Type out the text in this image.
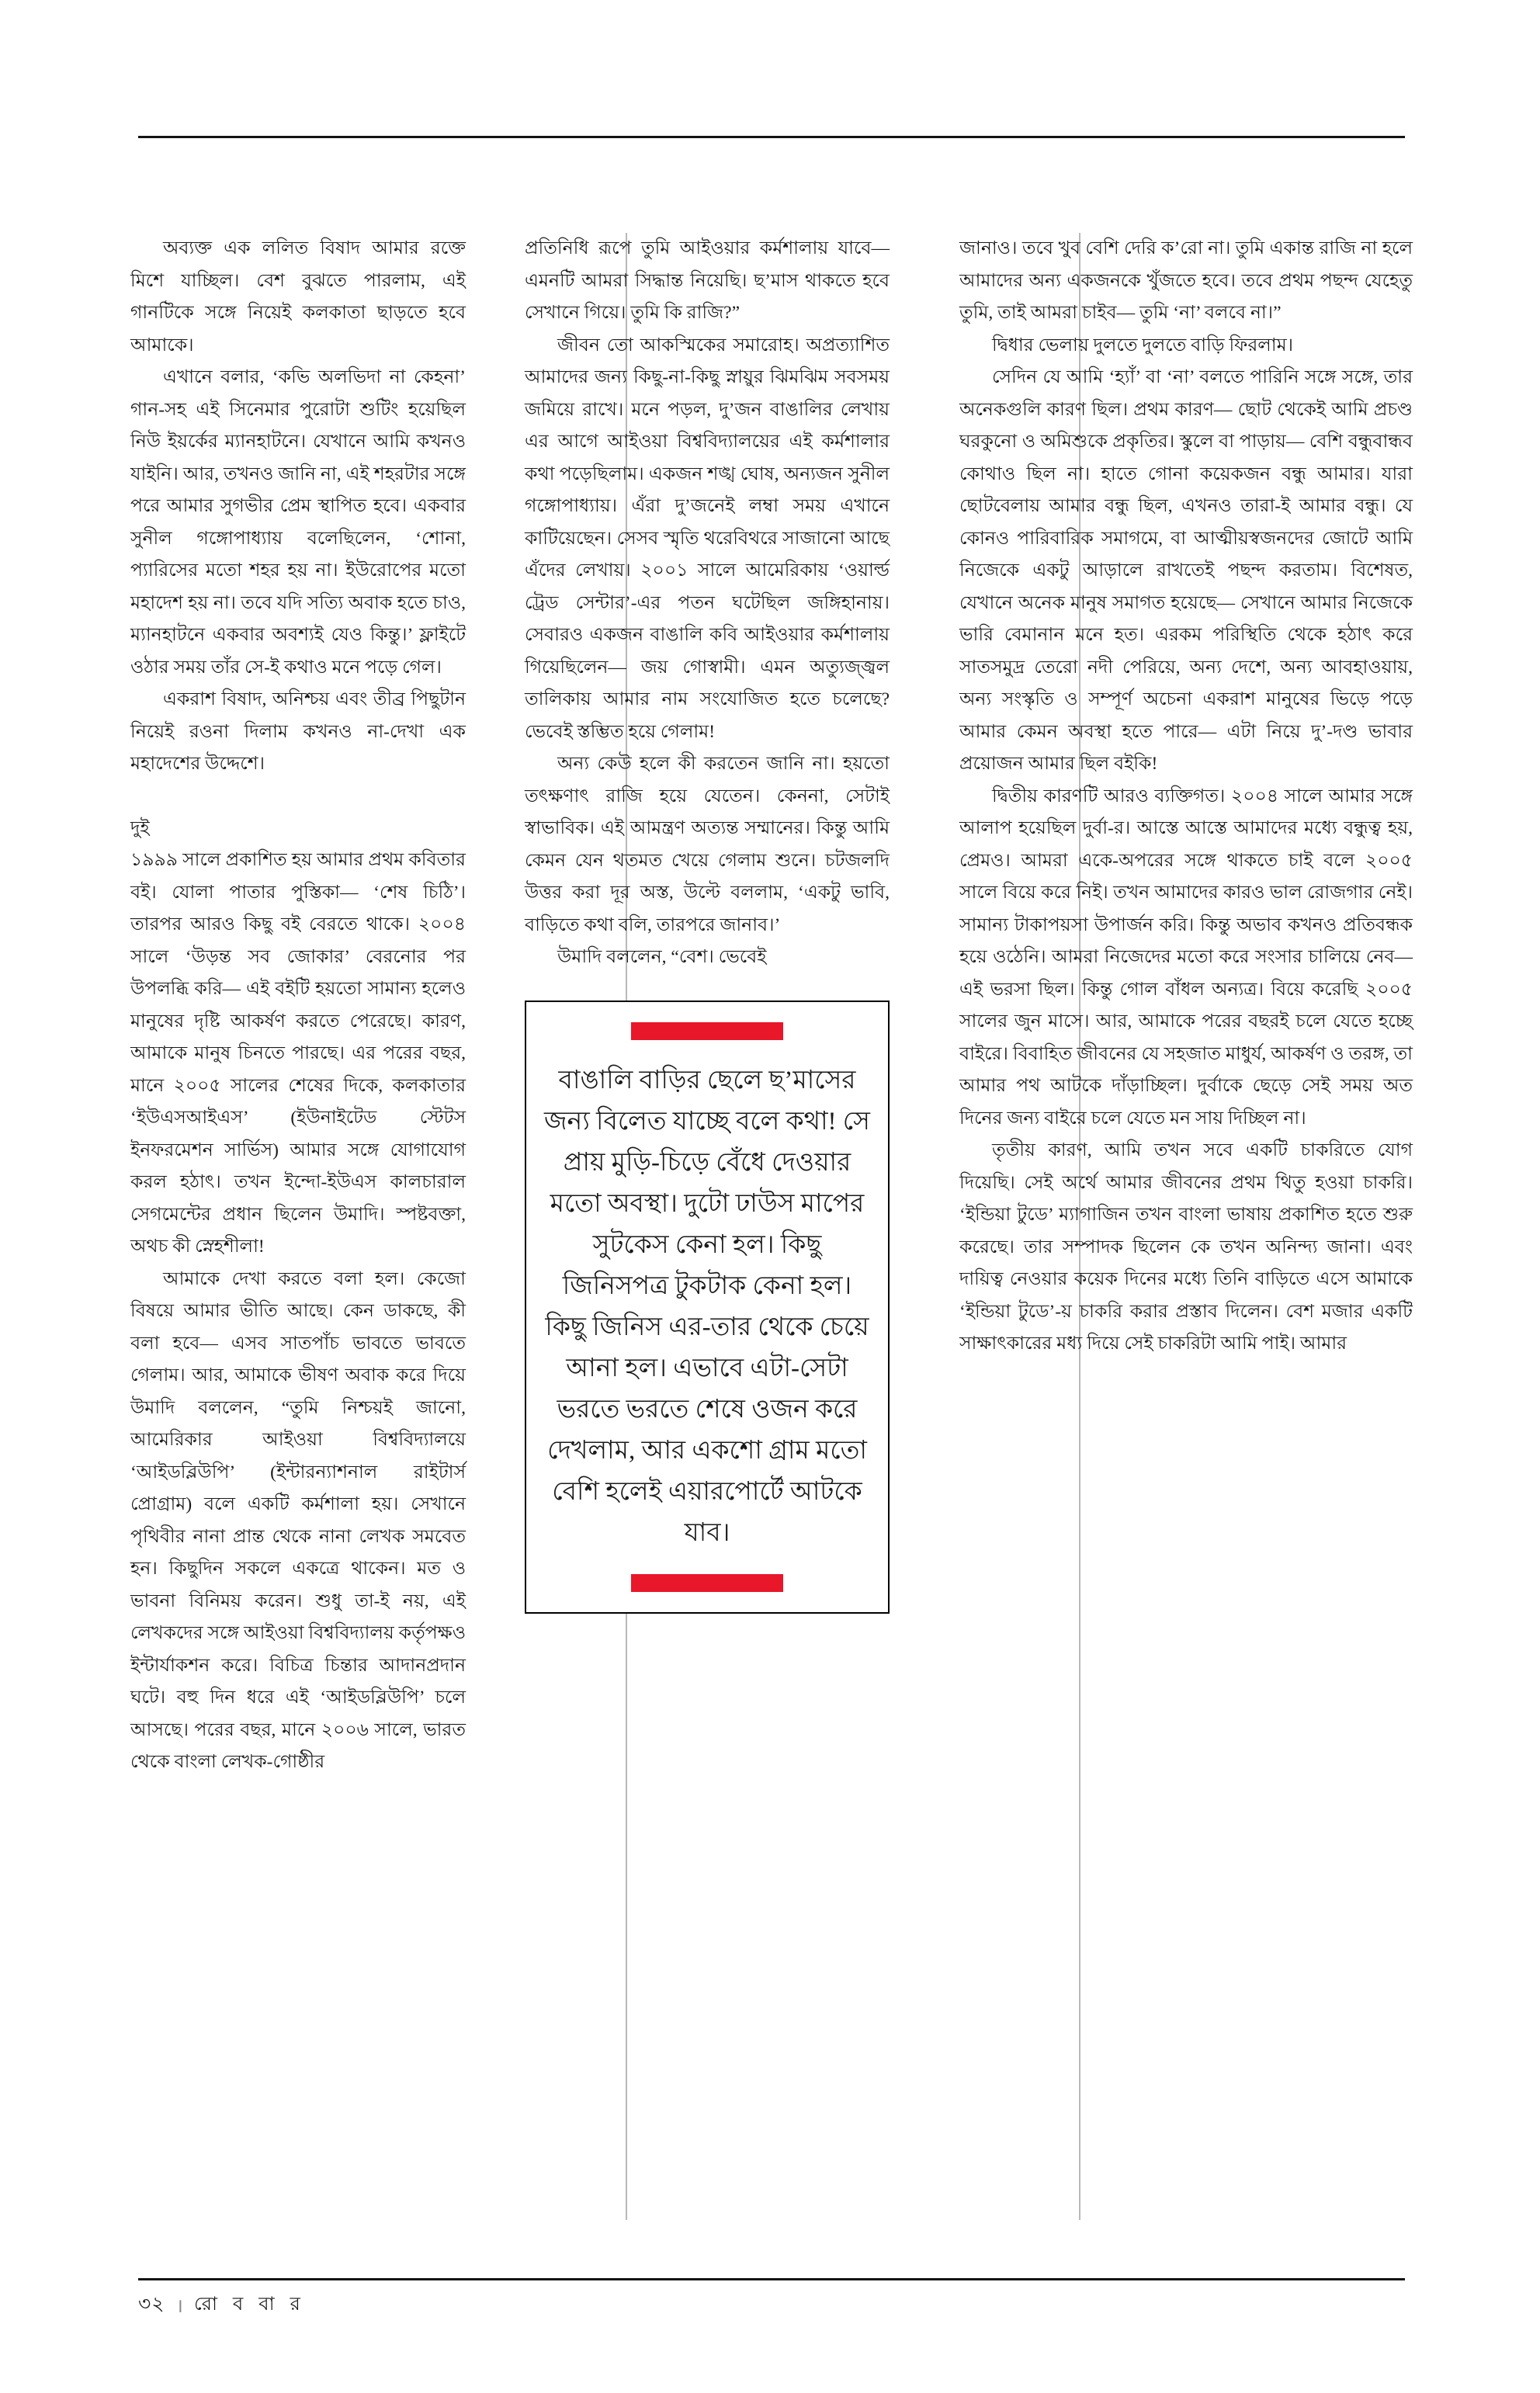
অব্যক্ত এক ললিত বিষাদ আমার রক্তে মিশে যাচ্ছিল। বেশ বুঝতে পারলাম, এই গানটিকে সঙ্গে নিয়েই কলকাতা ছাড়তে হবে আমাকে।

এখানে বলার, ‘কভি অলভিদা না কেহনা’ গান-সহ এই সিনেমার পুরোটা শুটিং হয়েছিল নিউ ইয়র্কের ম্যানহাটনে। যেখানে আমি কখনও যাইনি। আর, তখনও জানি না, এই শহরটার সঙ্গে পরে আমার সুগভীর প্রেম স্থাপিত হবে। একবার সুনীল গঙ্গোপাধ্যায় বলেছিলেন, ‘শোনা, প্যারিসের মতো শহর হয় না। ইউরোপের মতো মহাদেশ হয় না। তবে যদি সত্যি অবাক হতে চাও, ম্যানহাটনে একবার অবশ্যই যেও কিন্তু।’ ফ্লাইটে ওঠার সময় তাঁর সে-ই কথাও মনে পড়ে গেল।

একরাশ বিষাদ, অনিশ্চয় এবং তীব্র পিছুটান নিয়েই রওনা দিলাম কখনও না-দেখা এক মহাদেশের উদ্দেশে।

দুই

১৯৯৯ সালে প্রকাশিত হয় আমার প্রথম কবিতার বই। যোলা পাতার পুস্তিকা— ‘শেষ চিঠি’। তারপর আরও কিছু বই বেরতে থাকে। ২০০৪ সালে ‘উড়ন্ত সব জোকার’ বেরনোর পর উপলব্ধি করি— এই বইটি হয়তো সামান্য হলেও মানুষের দৃষ্টি আকর্ষণ করতে পেরেছে। কারণ, আমাকে মানুষ চিনতে পারছে। এর পরের বছর, মানে ২০০৫ সালের শেষের দিকে, কলকাতার ‘ইউএসআইএস’ (ইউনাইটেড স্টেটস ইনফরমেশন সার্ভিস) আমার সঙ্গে যোগাযোগ করল হঠাৎ। তখন ইন্দো-ইউএস কালচারাল সেগমেন্টের প্রধান ছিলেন উমাদি। স্পষ্টবক্তা, অথচ কী স্নেহশীলা!

আমাকে দেখা করতে বলা হল। কেজো বিষয়ে আমার ভীতি আছে। কেন ডাকছে, কী বলা হবে— এসব সাতপাঁচ ভাবতে ভাবতে গেলাম। আর, আমাকে ভীষণ অবাক করে দিয়ে উমাদি বললেন, “তুমি নিশ্চয়ই জানো, আমেরিকার আইওয়া বিশ্ববিদ্যালয়ে ‘আইডব্লিউপি’ (ইন্টারন্যাশনাল রাইটার্স প্রোগ্রাম) বলে একটি কর্মশালা হয়। সেখানে পৃথিবীর নানা প্রান্ত থেকে নানা লেখক সমবেত হন। কিছুদিন সকলে একত্রে থাকেন। মত ও ভাবনা বিনিময় করেন। শুধু তা-ই নয়, এই লেখকদের সঙ্গে আইওয়া বিশ্ববিদ্যালয় কর্তৃপক্ষও ইন্টার্যাকশন করে। বিচিত্র চিন্তার আদানপ্রদান ঘটে। বহু দিন ধরে এই ‘আইডব্লিউপি’ চলে আসছে। পরের বছর, মানে ২০০৬ সালে, ভারত থেকে বাংলা লেখক-গোষ্ঠীর

প্রতিনিধি রূপে তুমি আইওয়ার কর্মশালায় যাবে— এমনটি আমরা সিদ্ধান্ত নিয়েছি। ছ’মাস থাকতে হবে সেখানে গিয়ে। তুমি কি রাজি?”

জীবন তো আকস্মিকের সমারোহ। অপ্রত্যাশিত আমাদের জন্য কিছু-না-কিছু স্নায়ুর ঝিমঝিম সবসময় জমিয়ে রাখে। মনে পড়ল, দু’জন বাঙালির লেখায় এর আগে আইওয়া বিশ্ববিদ্যালয়ের এই কর্মশালার কথা পড়েছিলাম। একজন শঙ্খ ঘোষ, অন্যজন সুনীল গঙ্গোপাধ্যায়। এঁরা দু’জনেই লম্বা সময় এখানে কাটিয়েছেন। সেসব স্মৃতি থরেবিথরে সাজানো আছে এঁদের লেখায়। ২০০১ সালে আমেরিকায় ‘ওয়ার্ল্ড ট্রেড সেন্টার’-এর পতন ঘটেছিল জঙ্গিহানায়। সেবারও একজন বাঙালি কবি আইওয়ার কর্মশালায় গিয়েছিলেন— জয় গোস্বামী। এমন অত্যুজ্জ্বল তালিকায় আমার নাম সংযোজিত হতে চলেছে? ভেবেই স্তম্ভিত হয়ে গেলাম!

অন্য কেউ হলে কী করতেন জানি না। হয়তো তৎক্ষণাৎ রাজি হয়ে যেতেন। কেননা, সেটাই স্বাভাবিক। এই আমন্ত্রণ অত্যন্ত সম্মানের। কিন্তু আমি কেমন যেন থতমত খেয়ে গেলাম শুনে। চটজলদি উত্তর করা দূর অস্ত, উল্টে বললাম, ‘একটু ভাবি, বাড়িতে কথা বলি, তারপরে জানাব।’

উমাদি বললেন, “বেশ। ভেবেই

বাঙালি বাড়ির ছেলে ছ’মাসের জন্য বিলেত যাচ্ছে বলে কথা! সে প্রায় মুড়ি-চিড়ে বেঁধে দেওয়ার মতো অবস্থা। দুটো ঢাউস মাপের সুটকেস কেনা হল। কিছু জিনিসপত্র টুকটাক কেনা হল। কিছু জিনিস এর-তার থেকে চেয়ে আনা হল। এভাবে এটা-সেটা ভরতে ভরতে শেষে ওজন করে দেখলাম, আর একশো গ্রাম মতো বেশি হলেই এয়ারপোর্টে আটকে যাব।

জানাও। তবে খুব বেশি দেরি ক’রো না। তুমি একান্ত রাজি না হলে আমাদের অন্য একজনকে খুঁজতে হবে। তবে প্রথম পছন্দ যেহেতু তুমি, তাই আমরা চাইব— তুমি ‘না’ বলবে না।”

দ্বিধার ভেলায় দুলতে দুলতে বাড়ি ফিরলাম।

সেদিন যে আমি ‘হ্যাঁ’ বা ‘না’ বলতে পারিনি সঙ্গে সঙ্গে, তার অনেকগুলি কারণ ছিল। প্রথম কারণ— ছোট থেকেই আমি প্রচণ্ড ঘরকুনো ও অমিশুকে প্রকৃতির। স্কুলে বা পাড়ায়— বেশি বন্ধুবান্ধব কোথাও ছিল না। হাতে গোনা কয়েকজন বন্ধু আমার। যারা ছোটবেলায় আমার বন্ধু ছিল, এখনও তারা-ই আমার বন্ধু। যে কোনও পারিবারিক সমাগমে, বা আত্মীয়স্বজনদের জোটে আমি নিজেকে একটু আড়ালে রাখতেই পছন্দ করতাম। বিশেষত, যেখানে অনেক মানুষ সমাগত হয়েছে— সেখানে আমার নিজেকে ভারি বেমানান মনে হত। এরকম পরিস্থিতি থেকে হঠাৎ করে সাতসমুদ্র তেরো নদী পেরিয়ে, অন্য দেশে, অন্য আবহাওয়ায়, অন্য সংস্কৃতি ও সম্পূর্ণ অচেনা একরাশ মানুষের ভিড়ে পড়ে আমার কেমন অবস্থা হতে পারে— এটা নিয়ে দু’-দণ্ড ভাবার প্রয়োজন আমার ছিল বইকি!

দ্বিতীয় কারণটি আরও ব্যক্তিগত। ২০০৪ সালে আমার সঙ্গে আলাপ হয়েছিল দুর্বা-র। আস্তে আস্তে আমাদের মধ্যে বন্ধুত্ব হয়, প্রেমও। আমরা একে-অপরের সঙ্গে থাকতে চাই বলে ২০০৫ সালে বিয়ে করে নিই। তখন আমাদের কারও ভাল রোজগার নেই। সামান্য টাকাপয়সা উপার্জন করি। কিন্তু অভাব কখনও প্রতিবন্ধক হয়ে ওঠেনি। আমরা নিজেদের মতো করে সংসার চালিয়ে নেব— এই ভরসা ছিল। কিন্তু গোল বাঁধল অন্যত্র। বিয়ে করেছি ২০০৫ সালের জুন মাসে। আর, আমাকে পরের বছরই চলে যেতে হচ্ছে বাইরে। বিবাহিত জীবনের যে সহজাত মাধুর্য, আকর্ষণ ও তরঙ্গ, তা আমার পথ আটকে দাঁড়াচ্ছিল। দুর্বাকে ছেড়ে সেই সময় অত দিনের জন্য বাইরে চলে যেতে মন সায় দিচ্ছিল না।

তৃতীয় কারণ, আমি তখন সবে একটি চাকরিতে যোগ দিয়েছি। সেই অর্থে আমার জীবনের প্রথম থিতু হওয়া চাকরি। ‘ইন্ডিয়া টুডে’ ম্যাগাজিন তখন বাংলা ভাষায় প্রকাশিত হতে শুরু করেছে। তার সম্পাদক ছিলেন কে তখন অনিন্দ্য জানা। এবং দায়িত্ব নেওয়ার কয়েক দিনের মধ্যে তিনি বাড়িতে এসে আমাকে ‘ইন্ডিয়া টুডে’-য় চাকরি করার প্রস্তাব দিলেন। বেশ মজার একটি সাক্ষাৎকারের মধ্য দিয়ে সেই চাকরিটা আমি পাই। আমার

৩২ । রো ব বা র
